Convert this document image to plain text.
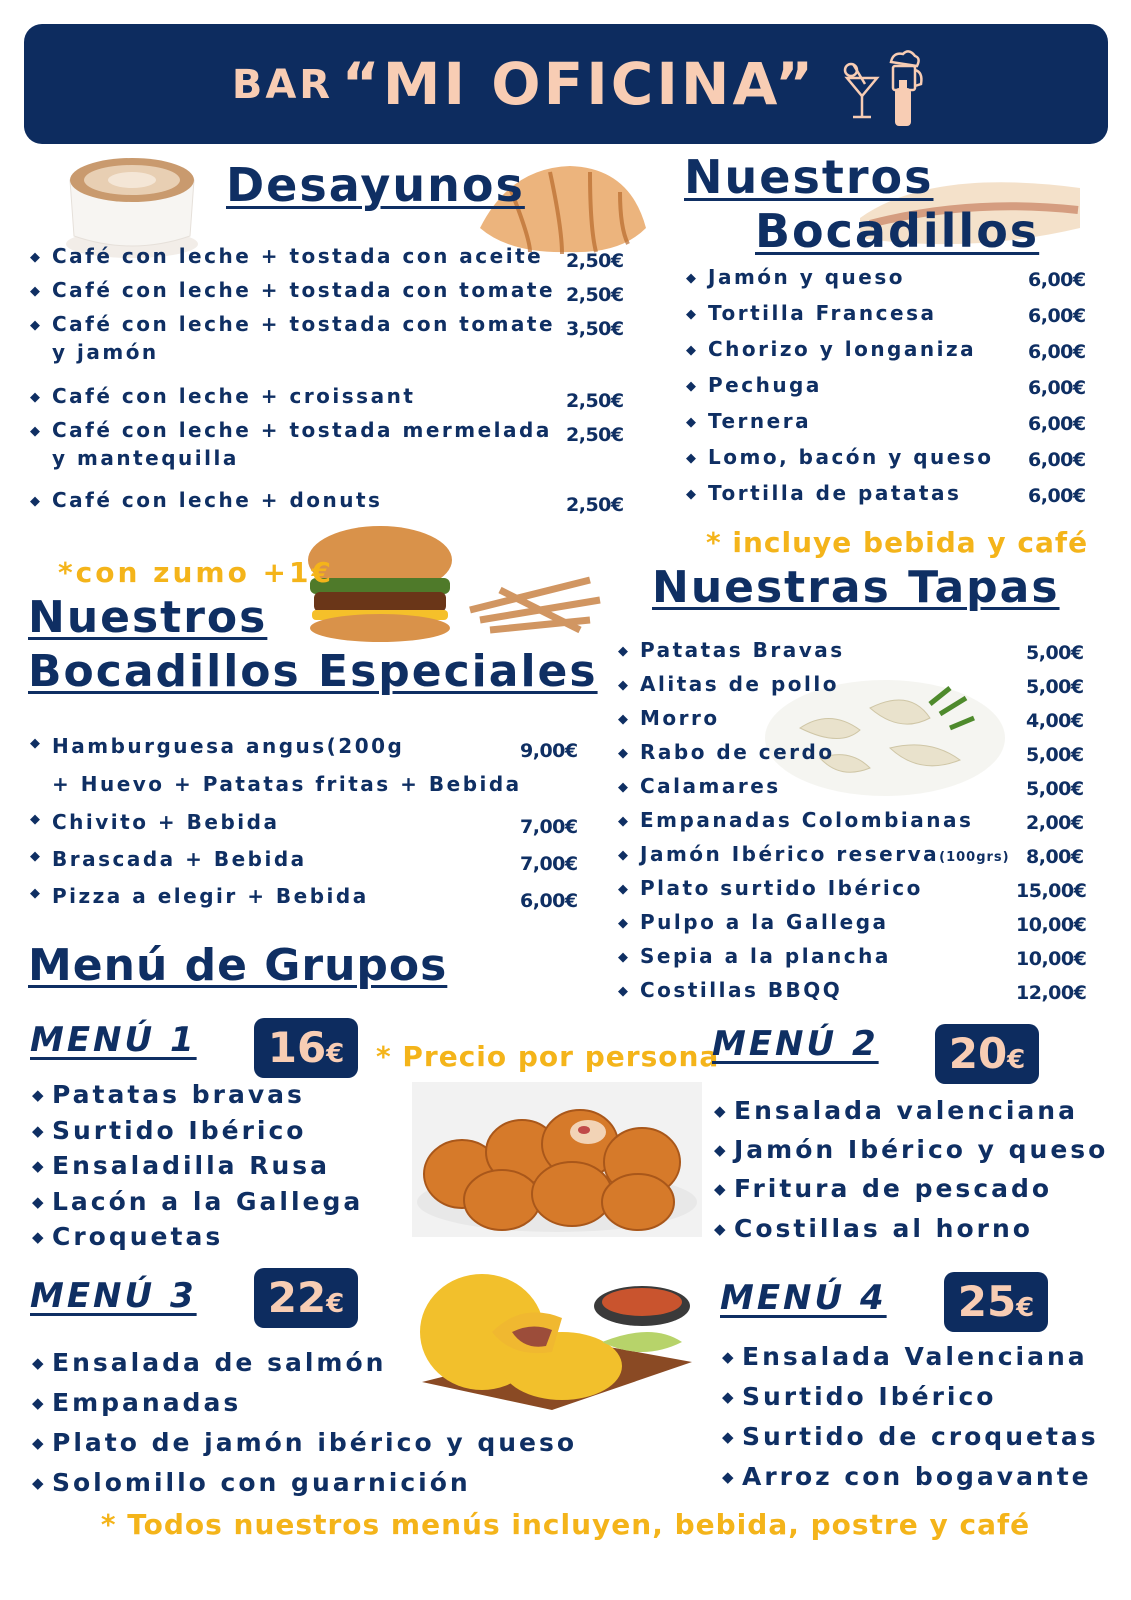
BAR “MI OFICINA”
Desayunos
◆ Café con leche + tostada con aceite 2,50€
◆ Café con leche + tostada con tomate 2,50€
◆ Café con leche + tostada con tomate
y jamón
3,50€
◆ Café con leche + croissant	2,50€
◆ Café con leche + tostada mermelada
y mantequilla
2,50€
◆ Café con leche + donuts	2,50€
*con zumo +1€
Nuestros
Bocadillos
◆ Jamón y queso	6,00€
◆ Tortilla Francesa	6,00€
◆ Chorizo y longaniza	6,00€
◆ Pechuga	6,00€
◆ Ternera	6,00€
◆ Lomo, bacón y queso 6,00€
◆ Tortilla de patatas	6,00€
* incluye bebida y café
Nuestros
Bocadillos Especiales
◆ Hamburguesa angus(200g
+ Huevo + Patatas fritas + Bebida
9,00€
◆ Chivito + Bebida	7,00€
◆ Brascada + Bebida	7,00€
◆ Pizza a elegir + Bebida	6,00€
Nuestras Tapas
◆ Patatas Bravas	5,00€
◆ Alitas de pollo	5,00€
◆ Morro	4,00€
◆ Rabo de cerdo	5,00€
◆ Calamares	5,00€
◆ Empanadas Colombianas	2,00€
◆ Jamón Ibérico reserva(100grs) 8,00€
◆ Plato surtido Ibérico	15,00€
◆ Pulpo a la Gallega	10,00€
◆ Sepia a la plancha	10,00€
◆ Costillas BBQQ	12,00€
Menú de Grupos
* Precio por persona
MENÚ 1	16€
◆ Patatas bravas
◆ Surtido Ibérico
◆ Ensaladilla Rusa
◆ Lacón a la Gallega
◆ Croquetas
MENÚ 2	20€
◆ Ensalada valenciana
◆ Jamón Ibérico y queso
◆ Fritura de pescado
◆ Costillas al horno
MENÚ 3	22€
◆ Ensalada de salmón
◆ Empanadas
◆ Plato de jamón ibérico y queso
◆ Solomillo con guarnición
MENÚ 4	25€
◆ Ensalada Valenciana
◆ Surtido Ibérico
◆ Surtido de croquetas
◆ Arroz con bogavante
* Todos nuestros menús incluyen, bebida, postre y café
